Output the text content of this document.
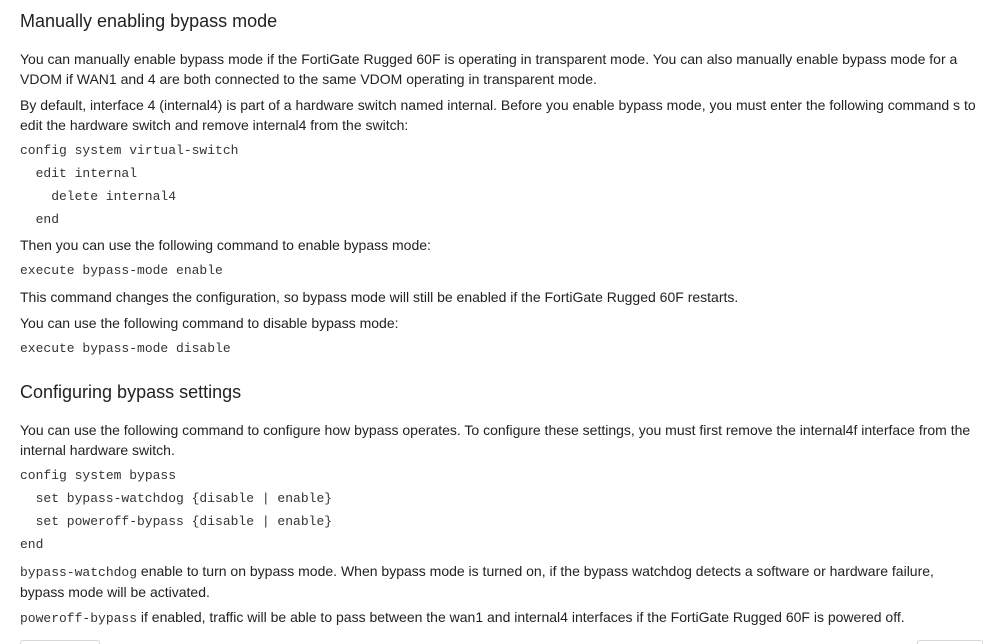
Manually enabling bypass mode

You can manually enable bypass mode if the FortiGate Rugged 60F is operating in transparent mode. You can also manually enable bypass mode for a VDOM if WAN1 and 4 are both connected to the same VDOM operating in transparent mode.

By default, interface 4 (internal4) is part of a hardware switch named internal. Before you enable bypass mode, you must enter the following command s to edit the hardware switch and remove internal4 from the switch:

config system virtual-switch
edit internal
delete internal4
end

Then you can use the following command to enable bypass mode:

execute bypass-mode enable

This command changes the configuration, so bypass mode will still be enabled if the FortiGate Rugged 60F restarts.

You can use the following command to disable bypass mode:

execute bypass-mode disable
Configuring bypass settings

You can use the following command to configure how bypass operates. To configure these settings, you must first remove the internal4f interface from the internal hardware switch.

config system bypass
set bypass-watchdog {disable | enable}
set poweroff-bypass {disable | enable}
end

bypass-watchdog enable to turn on bypass mode. When bypass mode is turned on, if the bypass watchdog detects a software or hardware failure, bypass mode will be activated.

poweroff-bypass if enabled, traffic will be able to pass between the wan1 and internal4 interfaces if the FortiGate Rugged 60F is powered off.
